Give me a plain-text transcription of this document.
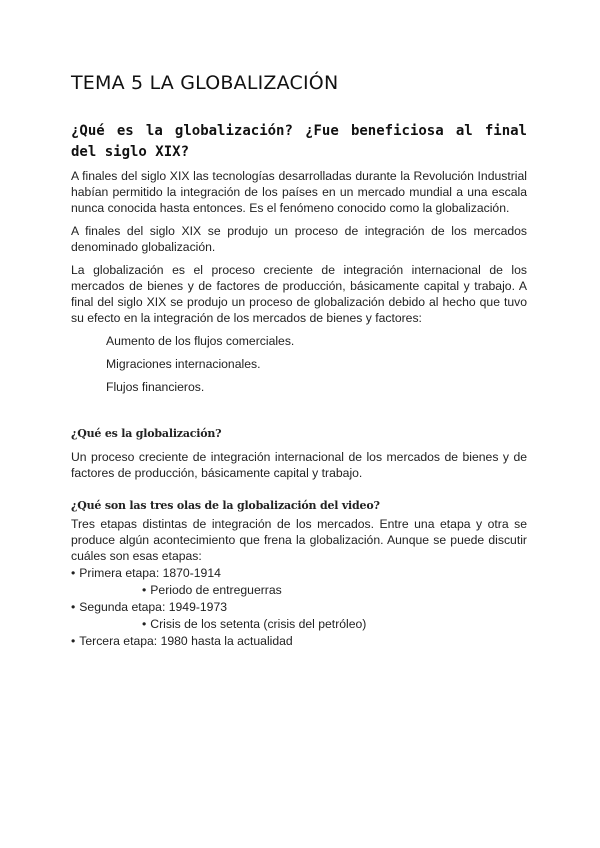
TEMA 5 LA GLOBALIZACIÓN
¿Qué es la globalización? ¿Fue beneficiosa al final del siglo XIX?
A finales del siglo XIX las tecnologías desarrolladas durante la Revolución Industrial habían permitido la integración de los países en un mercado mundial a una escala nunca conocida hasta entonces. Es el fenómeno conocido como la globalización.
A finales del siglo XIX se produjo un proceso de integración de los mercados denominado globalización.
La globalización es el proceso creciente de integración internacional de los mercados de bienes y de factores de producción, básicamente capital y trabajo. A final del siglo XIX se produjo un proceso de globalización debido al hecho que tuvo su efecto en la integración de los mercados de bienes y factores:
Aumento de los flujos comerciales.
Migraciones internacionales.
Flujos financieros.
¿Qué es la globalización?
Un proceso creciente de integración internacional de los mercados de bienes y de factores de producción, básicamente capital y trabajo.
¿Qué son las tres olas de la globalización del video?
Tres etapas distintas de integración de los mercados. Entre una etapa y otra se produce algún acontecimiento que frena la globalización. Aunque se puede discutir cuáles son esas etapas:
• Primera etapa: 1870-1914
• Periodo de entreguerras
• Segunda etapa: 1949-1973
• Crisis de los setenta (crisis del petróleo)
• Tercera etapa: 1980 hasta la actualidad
